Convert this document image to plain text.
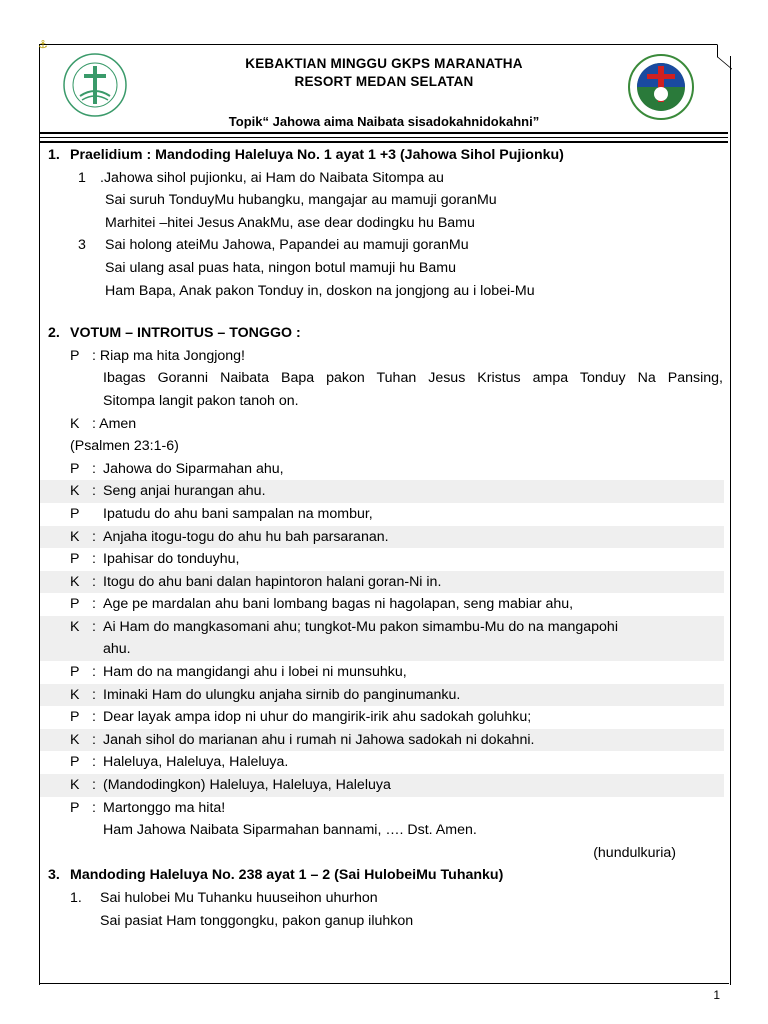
⚓
KEBAKTIAN MINGGU GKPS MARANATHA
RESORT MEDAN SELATAN
Topik“ Jahowa aima Naibata sisadokahnidokahni”
1. Praelidium : Mandoding Haleluya No. 1 ayat 1 +3 (Jahowa Sihol Pujionku)
1 .Jahowa sihol pujionku, ai Ham do Naibata Sitompa au
Sai suruh TonduyMu hubangku, mangajar au mamuji goranMu
Marhitei –hitei Jesus AnakMu, ase dear dodingku hu Bamu
3 Sai holong ateiMu Jahowa, Papandei au mamuji goranMu
Sai ulang asal puas hata, ningon botul mamuji hu Bamu
Ham Bapa, Anak pakon Tonduy in, doskon na jongjong au i lobei-Mu
2. VOTUM – INTROITUS – TONGGO :
P : Riap ma hita Jongjong!
Ibagas Goranni Naibata Bapa pakon Tuhan Jesus Kristus ampa Tonduy Na Pansing,
Sitompa langit pakon tanoh on.
K : Amen
(Psalmen 23:1-6)
P : Jahowa do Siparmahan ahu,
K : Seng anjai hurangan ahu.
P Ipatudu do ahu bani sampalan na mombur,
K : Anjaha itogu-togu do ahu hu bah parsaranan.
P : Ipahisar do tonduyhu,
K : Itogu do ahu bani dalan hapintoron halani goran-Ni in.
P : Age pe mardalan ahu bani lombang bagas ni hagolapan, seng mabiar ahu,
K : Ai Ham do mangkasomani ahu; tungkot-Mu pakon simambu-Mu do na mangapohi
ahu.
P : Ham do na mangidangi ahu i lobei ni munsuhku,
K : Iminaki Ham do ulungku anjaha sirnib do panginumanku.
P : Dear layak ampa idop ni uhur do mangirik-irik ahu sadokah goluhku;
K : Janah sihol do marianan ahu i rumah ni Jahowa sadokah ni dokahni.
P : Haleluya, Haleluya, Haleluya.
K : (Mandodingkon) Haleluya, Haleluya, Haleluya
P : Martonggo ma hita!
Ham Jahowa Naibata Siparmahan bannami, …. Dst. Amen.
(hundulkuria)
3. Mandoding Haleluya No. 238 ayat 1 – 2 (Sai HulobeiMu Tuhanku)
1. Sai hulobei Mu Tuhanku huuseihon uhurhon
Sai pasiat Ham tonggongku, pakon ganup iluhkon
1
